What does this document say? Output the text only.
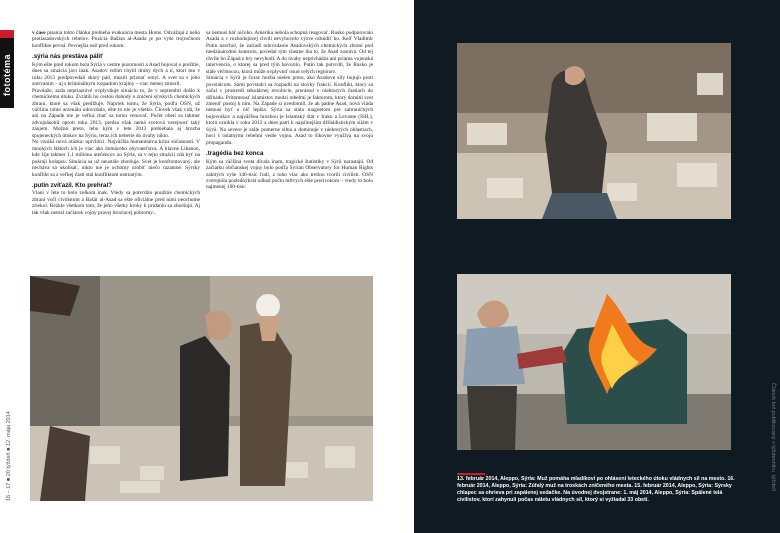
fototéma
16 – 17 ■ 20 týždeň ■ 12. mája 2014

v čase písania tohto článku prebieha evakuácia mesta Homs. Odvážajú z neho protiasadovských rebelov. Pozícia Bašára al-Asada je po vyše trojročnom konflikte pevná. Pevnejšia než pred rokom.

.sýria nás prestáva páliť

Kým ešte pred rokom bola Sýria v centre pozornosti a Asad bojoval o prežitie, dnes sa situácia javí inak. Asadov režim chytil druhý dych a tí, ktorí mu v roku 2013 predpovedali skorý pád, musili priznať omyl. A svet sa s jeho zotrvaním – aj s kriminálnym rozpadom krajiny – viac menej zmieril.

Pravdaže, azda nepriaznivé ovplyvňuje situáciu to, že v septembri došlo k chemickému útoku. Zvrátili ho cestou dohody o zničení sýrskych chemických zbraní, ktoré sa však predlžuje. Napriek tomu, že Sýria, podľa OSN, už väčšinu tohto arzenálu odovzdala, ešte to nie je všetko. Človek však vidí, že ani na Západe nie je veľká chuť sa tomu venovať. Počet obetí sa takmer zdvojnásobil oproti roku 2013, predsa však nemá svetová verejnosť taký záujem. Možno preto, lebo kým v lete 2013 prebiehala aj hrozba spojeneckých útokov na Sýriu, teraz ich neberie do úvahy nikto.

No vzniká nová otázka: uprchlíci. Najväčšia humanitárna kríza súčasnosti. V mnohých štátoch ich je viac ako domáceho obyvateľstva. A hlavne Libanon, kde žije takmer 1,1 milióna utečencov zo Sýrie, sa v tejto situácii zdá byť na pokraji kolapsu. Situácia sa už neustále zhoršuje. Svet je konfrontovaný, ale necháva sa ukolísať, nikto nie je ochotný urobiť niečo razantné. Sýrsky konflikt sa z veľkej časti stal konfliktom ustrnutým.

.putin zvíťazil. Kto prehral?

Vlani v lete to bolo celkom inak. Vtedy sa potvrdilo použitie chemických zbraní voči civilistom a Bašár al-Asad sa ešte oficiálne pred nimi neochotne zriekol. Bezkle všetkom tom, že jeho všetky kroky k pridaniu sa zhoršujú. Aj tak však nemal začiatok vojny pravej hroziacej pohromy...

sa nemusí báť ničoho. Amerika nebola schopná reagovať. Rusko podporovalo Asada a v rozhodujúcej chvíli nevyhovelo výzve odsúdiť ho. Keď Vladimír Putin navrhol, že zariadi odovzdanie Asadovských chemických zbraní pod medzinárodnú kontrolu, povedal tým vlastne iba to, že Asad zostáva. Od tej chvíle ho Západ z hry nevyhodí. A do úvahy neprichádza ani priama vojenská intervencia, o ktorej sa pred tým hovorilo. Putin tak potvrdil, že Rusko je stále veľmocou, ktorá môže ovplyvniť osud celých regiónov.

Situácia v Sýrii je čoraz horšia nielen preto, ako Asadove sily bojujú proti povstalcom. Sami povstalci sa rozpadli na stovky frakcií. Konflikt, ktorý sa začal v prostredí sekulárnej revolúcie, prerástol v niektorých častiach do džihádu. Prítomnosť islamistov medzi rebelmi je faktorom, ktorý donútil svet zmeniť postoj k nim. Na Západe si uvedomili, že ak padne Asad, nová vláda nemusí byť o nič lepšia. Sýria sa stala magnetom pre zahraničných bojovníkov a najväčšou hrozbou je Islamský štát v Iraku a Levante (ISIL), ktorá vznikla v roku 2013 a dnes patrí k najsilnejším džihádistickým silám v Sýrii. Na severe je stále pomerne silná a dominuje v niektorých oblastiach, hoci s ostatnými rebelmi vedie vojnu. Asad to šikovne využíva na svoju propagandu.

.tragédia bez konca

Kým sa väčšina sveta dívala inam, tragické štatistiky v Sýrii narastajú. Od začiatku občianskej vojny bolo podľa Syrian Observatory for Human Rights zabitých vyše 146-tisíc ľudí, z toho viac ako tretinu tvorili civilisti. OSN zverejnila poslednýkrát odhad počtu mŕtvych ešte pred rokom – vtedy to bolo najmenej 100-tisíc

Článok bol publikovaný v týždenníku .týždeň
13. február 2014, Aleppo, Sýria: Muž pomáha mladíkovi po ohlásení leteckého útoku vládnych síl na mesto. 16. február 2014, Aleppo, Sýria: Zúfalý muž na troskách zničeného mesta. 15. február 2014, Aleppo, Sýria: Sýrsky chlapec sa ohrieva pri zapálenej sedačke. Na úvodnej dvojstrane: 1. máj 2014, Aleppo, Sýria: Spálené telá civilistov, ktorí zahynuli počas náletu vládnych síl, ktorý si vyžiadal 33 obetí.
